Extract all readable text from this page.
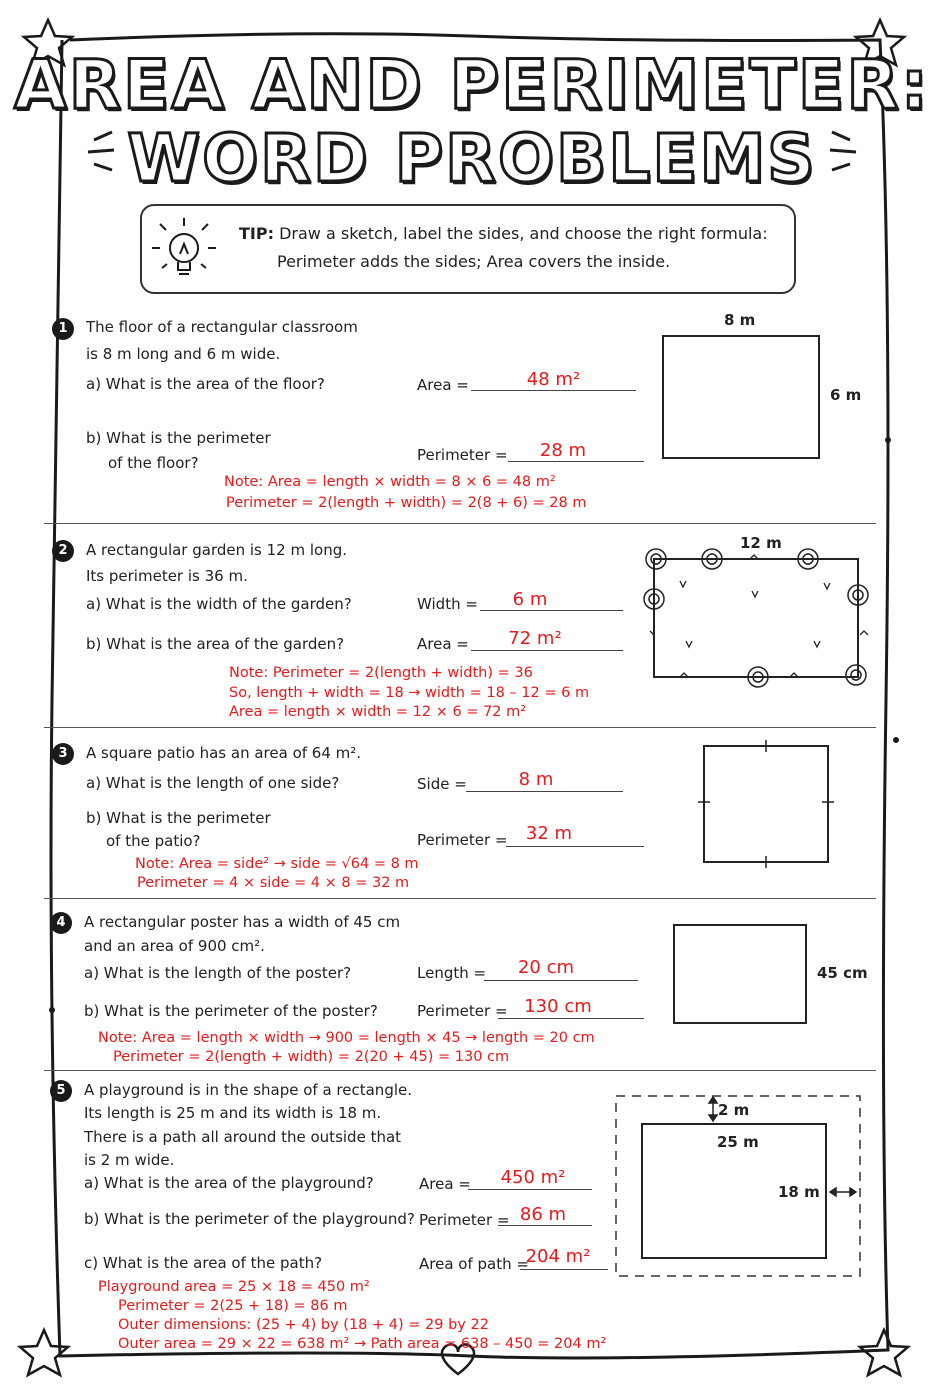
AREA AND PERIMETER:
WORD PROBLEMS
TIP: Draw a sketch, label the sides, and choose the right formula:
Perimeter adds the sides; Area covers the inside.
1	The floor of a rectangular classroom
is 8 m long and 6 m wide.
a) What is the area of the floor?	Area =	48 m²
b) What is the perimeter
of the floor?	Perimeter =	28 m
Note: Area = length × width = 8 × 6 = 48 m²
Perimeter = 2(length + width) = 2(8 + 6) = 28 m
8 m
6 m
2	A rectangular garden is 12 m long.
Its perimeter is 36 m.
a) What is the width of the garden?	Width =	6 m
b) What is the area of the garden?	Area =	72 m²
Note: Perimeter = 2(length + width) = 36
So, length + width = 18 → width = 18 – 12 = 6 m
Area = length × width = 12 × 6 = 72 m²
12 m
3	A square patio has an area of 64 m².
a) What is the length of one side?	Side =	8 m
b) What is the perimeter
of the patio?	Perimeter =	32 m
Note: Area = side² → side = √64 = 8 m
Perimeter = 4 × side = 4 × 8 = 32 m
4	A rectangular poster has a width of 45 cm
and an area of 900 cm².
a) What is the length of the poster?	Length =	20 cm
b) What is the perimeter of the poster?	Perimeter = 130 cm
Note: Area = length × width → 900 = length × 45 → length = 20 cm
Perimeter = 2(length + width) = 2(20 + 45) = 130 cm
45 cm
5	A playground is in the shape of a rectangle.
Its length is 25 m and its width is 18 m.
There is a path all around the outside that
is 2 m wide.
a) What is the area of the playground?	Area =	450 m²
b) What is the perimeter of the playground? Perimeter = 86 m
c) What is the area of the path?	Area of path =
204 m²
Playground area = 25 × 18 = 450 m²
Perimeter = 2(25 + 18) = 86 m
Outer dimensions: (25 + 4) by (18 + 4) = 29 by 22
Outer area = 29 × 22 = 638 m² → Path area = 638 – 450 = 204 m²
2 m
25 m
18 m
